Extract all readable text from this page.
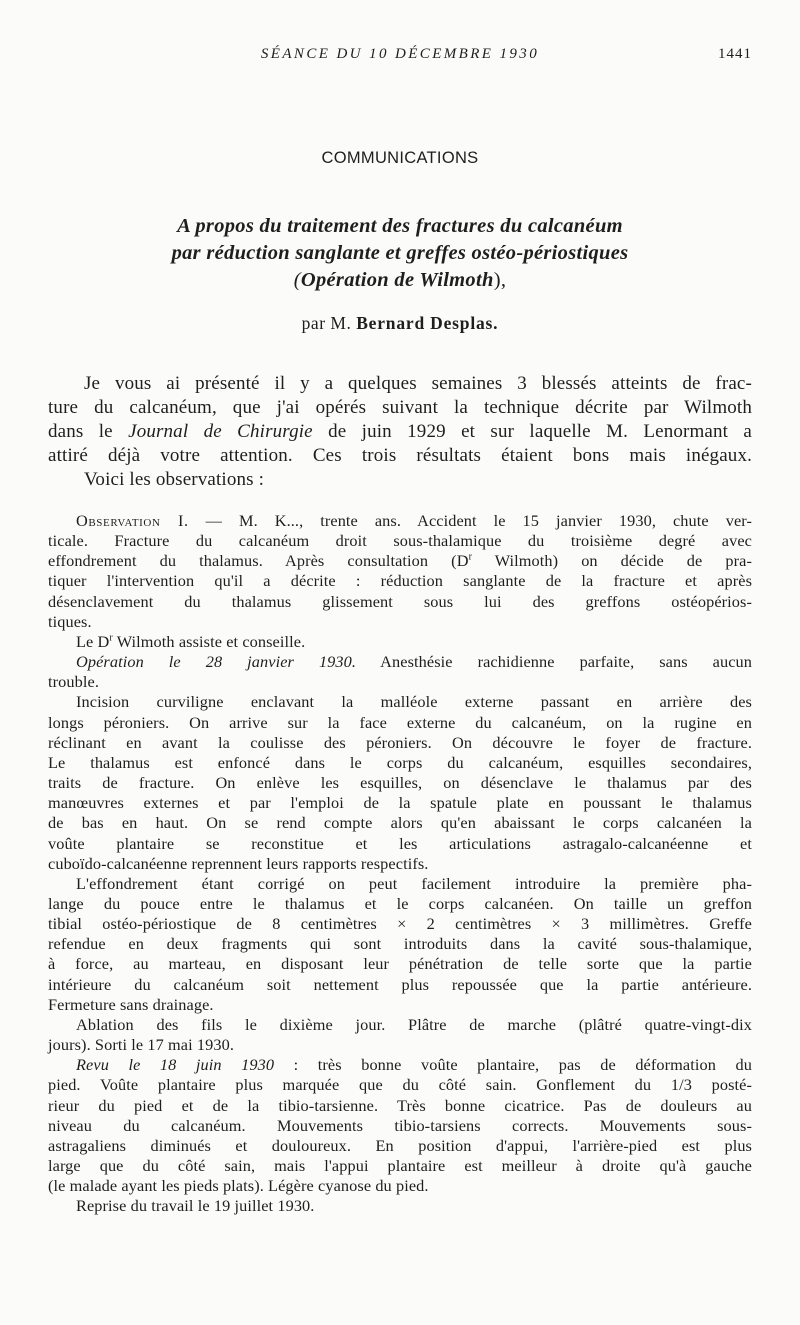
SÉANCE DU 10 DÉCEMBRE 1930	1441
COMMUNICATIONS
A propos du traitement des fractures du calcanéum
par réduction sanglante et greffes ostéo-périostiques
(Opération de Wilmoth),
par M. Bernard Desplas.
Je vous ai présenté il y a quelques semaines 3 blessés atteints de frac-
ture du calcanéum, que j'ai opérés suivant la technique décrite par Wilmoth
dans le Journal de Chirurgie de juin 1929 et sur laquelle M. Lenormant a
attiré déjà votre attention. Ces trois résultats étaient bons mais inégaux.
Voici les observations :
Observation I. — M. K..., trente ans. Accident le 15 janvier 1930, chute ver-
ticale. Fracture du calcanéum droit sous-thalamique du troisième degré avec
effondrement du thalamus. Après consultation ($D^r$ Wilmoth) on décide de pra-
tiquer l'intervention qu'il a décrite : réduction sanglante de la fracture et après
désenclavement du thalamus glissement sous lui des greffons ostéopérios-
tiques.
Le $D^r$ Wilmoth assiste et conseille.
Opération le 28 janvier 1930. Anesthésie rachidienne parfaite, sans aucun
trouble.
Incision curviligne enclavant la malléole externe passant en arrière des
longs péroniers. On arrive sur la face externe du calcanéum, on la rugine en
réclinant en avant la coulisse des péroniers. On découvre le foyer de fracture.
Le thalamus est enfoncé dans le corps du calcanéum, esquilles secondaires,
traits de fracture. On enlève les esquilles, on désenclave le thalamus par des
manœuvres externes et par l'emploi de la spatule plate en poussant le thalamus
de bas en haut. On se rend compte alors qu'en abaissant le corps calcanéen la
voûte plantaire se reconstitue et les articulations astragalo-calcanéenne et
cuboïdo-calcanéenne reprennent leurs rapports respectifs.
L'effondrement étant corrigé on peut facilement introduire la première pha-
lange du pouce entre le thalamus et le corps calcanéen. On taille un greffon
tibial ostéo-périostique de 8 centimètres × 2 centimètres × 3 millimètres. Greffe
refendue en deux fragments qui sont introduits dans la cavité sous-thalamique,
à force, au marteau, en disposant leur pénétration de telle sorte que la partie
intérieure du calcanéum soit nettement plus repoussée que la partie antérieure.
Fermeture sans drainage.
Ablation des fils le dixième jour. Plâtre de marche (plâtré quatre-vingt-dix
jours). Sorti le 17 mai 1930.
Revu le 18 juin 1930 : très bonne voûte plantaire, pas de déformation du
pied. Voûte plantaire plus marquée que du côté sain. Gonflement du 1/3 posté-
rieur du pied et de la tibio-tarsienne. Très bonne cicatrice. Pas de douleurs au
niveau du calcanéum. Mouvements tibio-tarsiens corrects. Mouvements sous-
astragaliens diminués et douloureux. En position d'appui, l'arrière-pied est plus
large que du côté sain, mais l'appui plantaire est meilleur à droite qu'à gauche
(le malade ayant les pieds plats). Légère cyanose du pied.
Reprise du travail le 19 juillet 1930.
